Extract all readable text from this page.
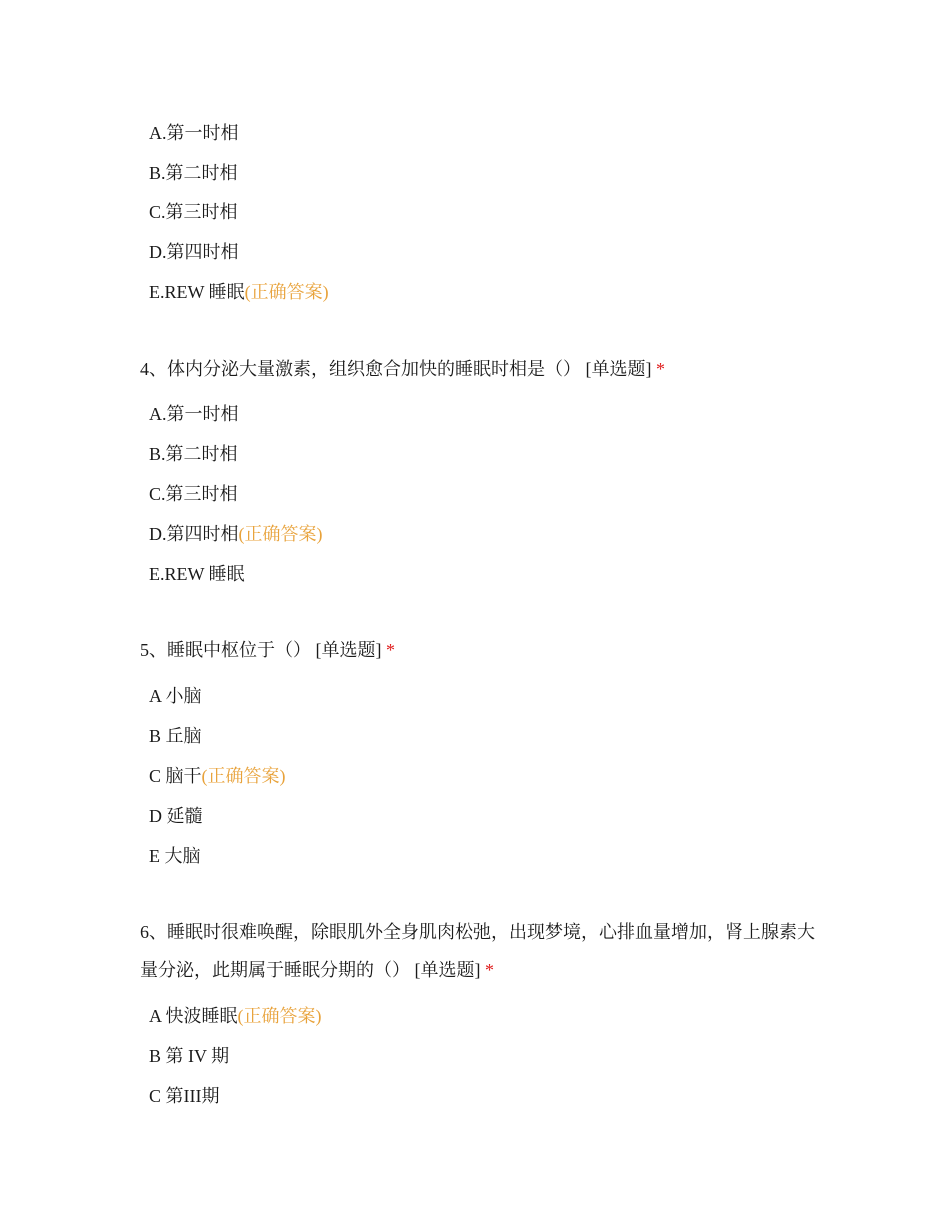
A.第一时相
B.第二时相
C.第三时相
D.第四时相
E.REW 睡眠(正确答案)
4、体内分泌大量激素，组织愈合加快的睡眠时相是（） [单选题] *
A.第一时相
B.第二时相
C.第三时相
D.第四时相(正确答案)
E.REW 睡眠
5、睡眠中枢位于（） [单选题] *
A 小脑
B 丘脑
C 脑干(正确答案)
D 延髓
E 大脑
6、睡眠时很难唤醒，除眼肌外全身肌肉松弛，出现梦境，心排血量增加，肾上腺素大量分泌，此期属于睡眠分期的（） [单选题] *
A 快波睡眠(正确答案)
B 第 IV 期
C 第III期
